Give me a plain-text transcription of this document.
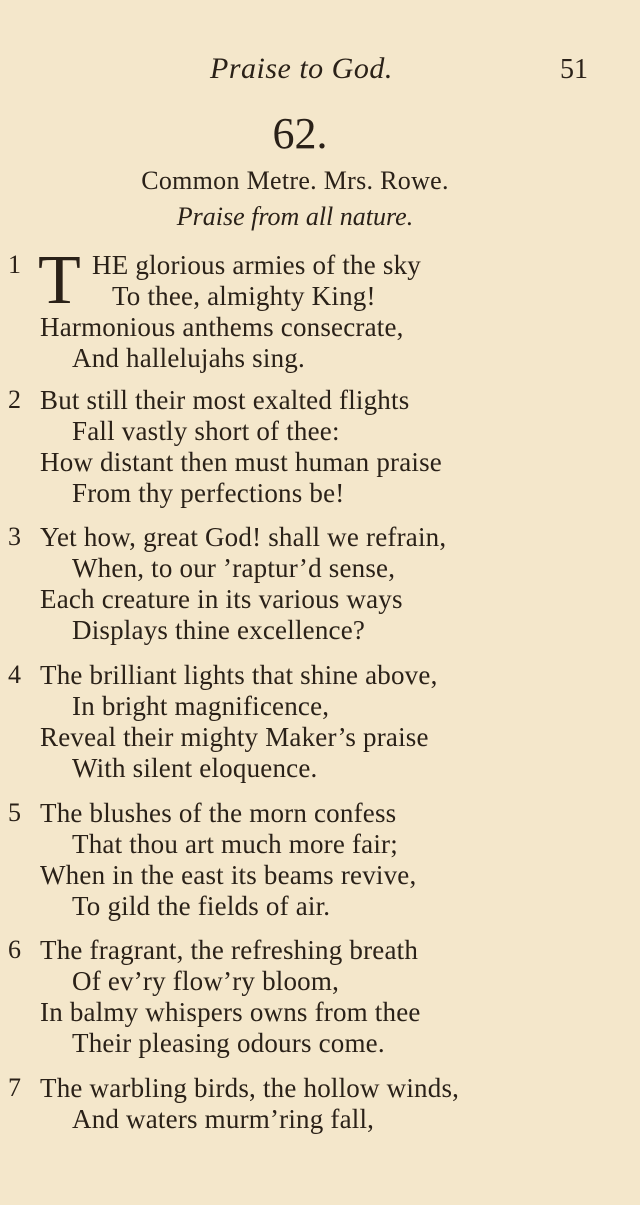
Praise to God.	51
62.
Common Metre. Mrs. Rowe.
Praise from all nature.
1 T HE glorious armies of the sky
To thee, almighty King!
Harmonious anthems consecrate,
And hallelujahs sing.
2 But still their most exalted flights
Fall vastly short of thee:
How distant then must human praise
From thy perfections be!
3 Yet how, great God! shall we refrain,
When, to our ’raptur’d sense,
Each creature in its various ways
Displays thine excellence?
4 The brilliant lights that shine above,
In bright magnificence,
Reveal their mighty Maker’s praise
With silent eloquence.
5 The blushes of the morn confess
That thou art much more fair;
When in the east its beams revive,
To gild the fields of air.
6 The fragrant, the refreshing breath
Of ev’ry flow’ry bloom,
In balmy whispers owns from thee
Their pleasing odours come.
7 The warbling birds, the hollow winds,
And waters murm’ring fall,
